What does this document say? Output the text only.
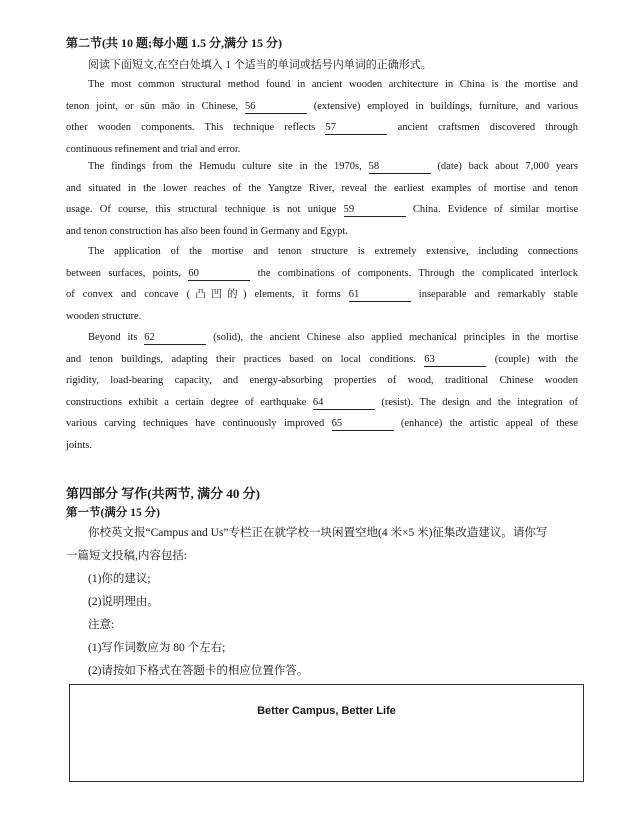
第二节(共 10 题;每小题 1.5 分,满分 15 分)
阅读下面短文,在空白处填入 1 个适当的单词或括号内单词的正确形式。
The most common structural method found in ancient wooden architecture in China is the mortise and
tenon joint, or sǔn mǎo in Chinese, 56	(extensive) employed in buildings, furniture, and various
other wooden components. This technique reflects 57	ancient craftsmen discovered through
continuous refinement and trial and error.
The findings from the Hemudu culture site in the 1970s, 58	(date) back about 7,000 years
and situated in the lower reaches of the Yangtze River, reveal the earliest examples of mortise and tenon
usage. Of course, this structural technique is not unique 59	China. Evidence of similar mortise
and tenon construction has also been found in Germany and Egypt.
The application of the mortise and tenon structure is extremely extensive, including connections
between surfaces, points, 60	the combinations of components. Through the complicated interlock
of convex and concave (凸凹的) elements, it forms 61	inseparable and remarkably stable
wooden structure.
Beyond its 62	(solid), the ancient Chinese also applied mechanical principles in the mortise
and tenon buildings, adapting their practices based on local conditions. 63	(couple) with the
rigidity, load-bearing capacity, and energy-absorbing properties of wood, traditional Chinese wooden
constructions exhibit a certain degree of earthquake 64	(resist). The design and the integration of
various carving techniques have continuously improved 65	(enhance) the artistic appeal of these
joints.
第四部分 写作(共两节, 满分 40 分)
第一节(满分 15 分)
你校英文报“Campus and Us”专栏正在就学校一块闲置空地(4 米×5 米)征集改造建议。请你写
一篇短文投稿,内容包括:
(1)你的建议;
(2)说明理由。
注意:
(1)写作词数应为 80 个左右;
(2)请按如下格式在答题卡的相应位置作答。
Better Campus, Better Life
